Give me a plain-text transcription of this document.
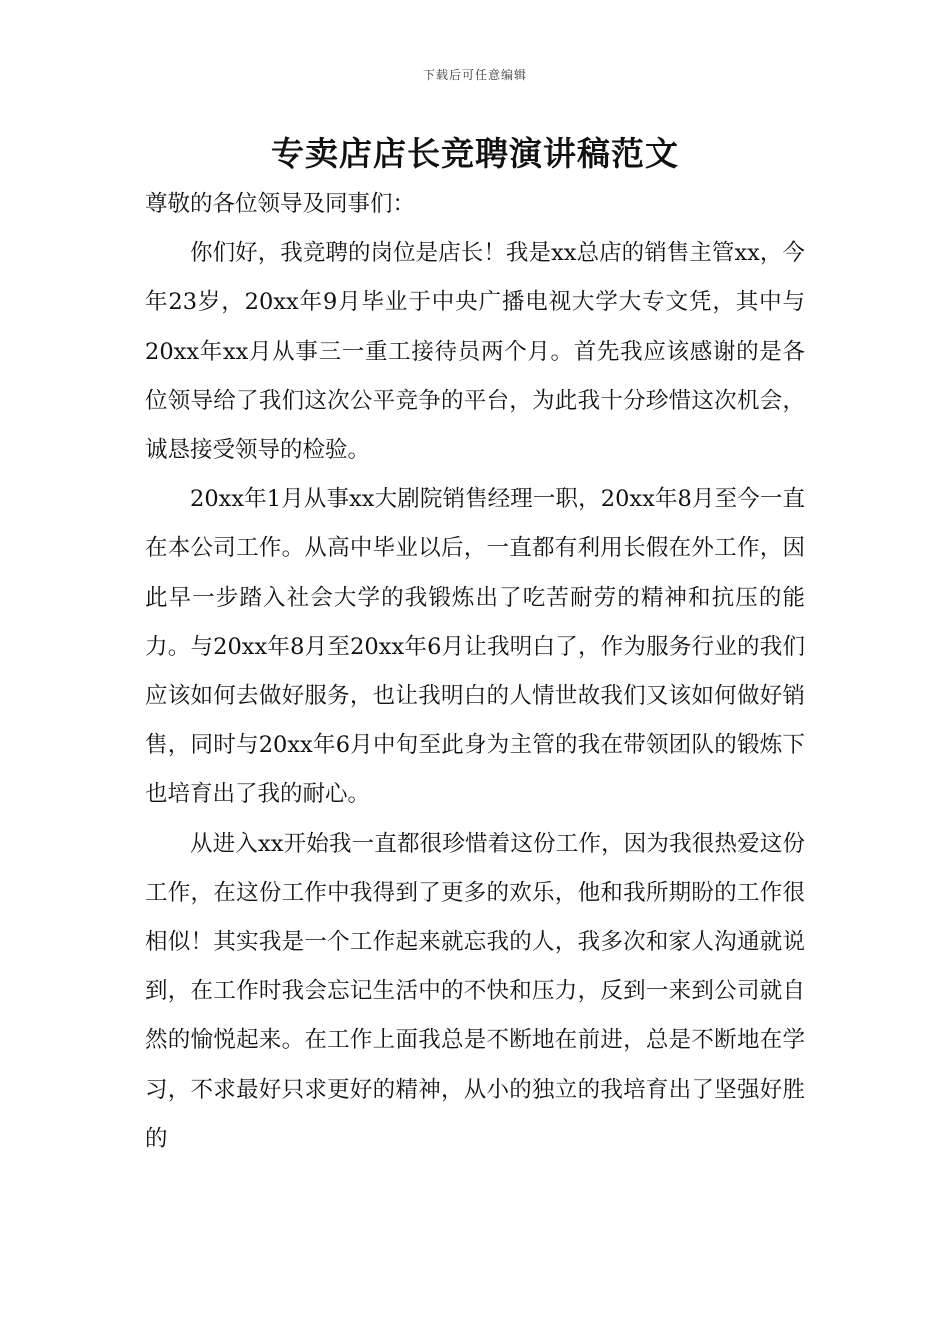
下载后可任意编辑
专卖店店长竞聘演讲稿范文

尊敬的各位领导及同事们：

你们好，我竞聘的岗位是店长！我是xx总店的销售主管xx，今年23岁，20xx年9月毕业于中央广播电视大学大专文凭，其中与20xx年xx月从事三一重工接待员两个月。首先我应该感谢的是各位领导给了我们这次公平竞争的平台，为此我十分珍惜这次机会，诚恳接受领导的检验。

20xx年1月从事xx大剧院销售经理一职，20xx年8月至今一直在本公司工作。从高中毕业以后，一直都有利用长假在外工作，因此早一步踏入社会大学的我锻炼出了吃苦耐劳的精神和抗压的能力。与20xx年8月至20xx年6月让我明白了，作为服务行业的我们应该如何去做好服务，也让我明白的人情世故我们又该如何做好销售，同时与20xx年6月中旬至此身为主管的我在带领团队的锻炼下也培育出了我的耐心。

从进入xx开始我一直都很珍惜着这份工作，因为我很热爱这份工作，在这份工作中我得到了更多的欢乐，他和我所期盼的工作很相似！其实我是一个工作起来就忘我的人，我多次和家人沟通就说到，在工作时我会忘记生活中的不快和压力，反到一来到公司就自然的愉悦起来。在工作上面我总是不断地在前进，总是不断地在学习，不求最好只求更好的精神，从小的独立的我培育出了坚强好胜的
